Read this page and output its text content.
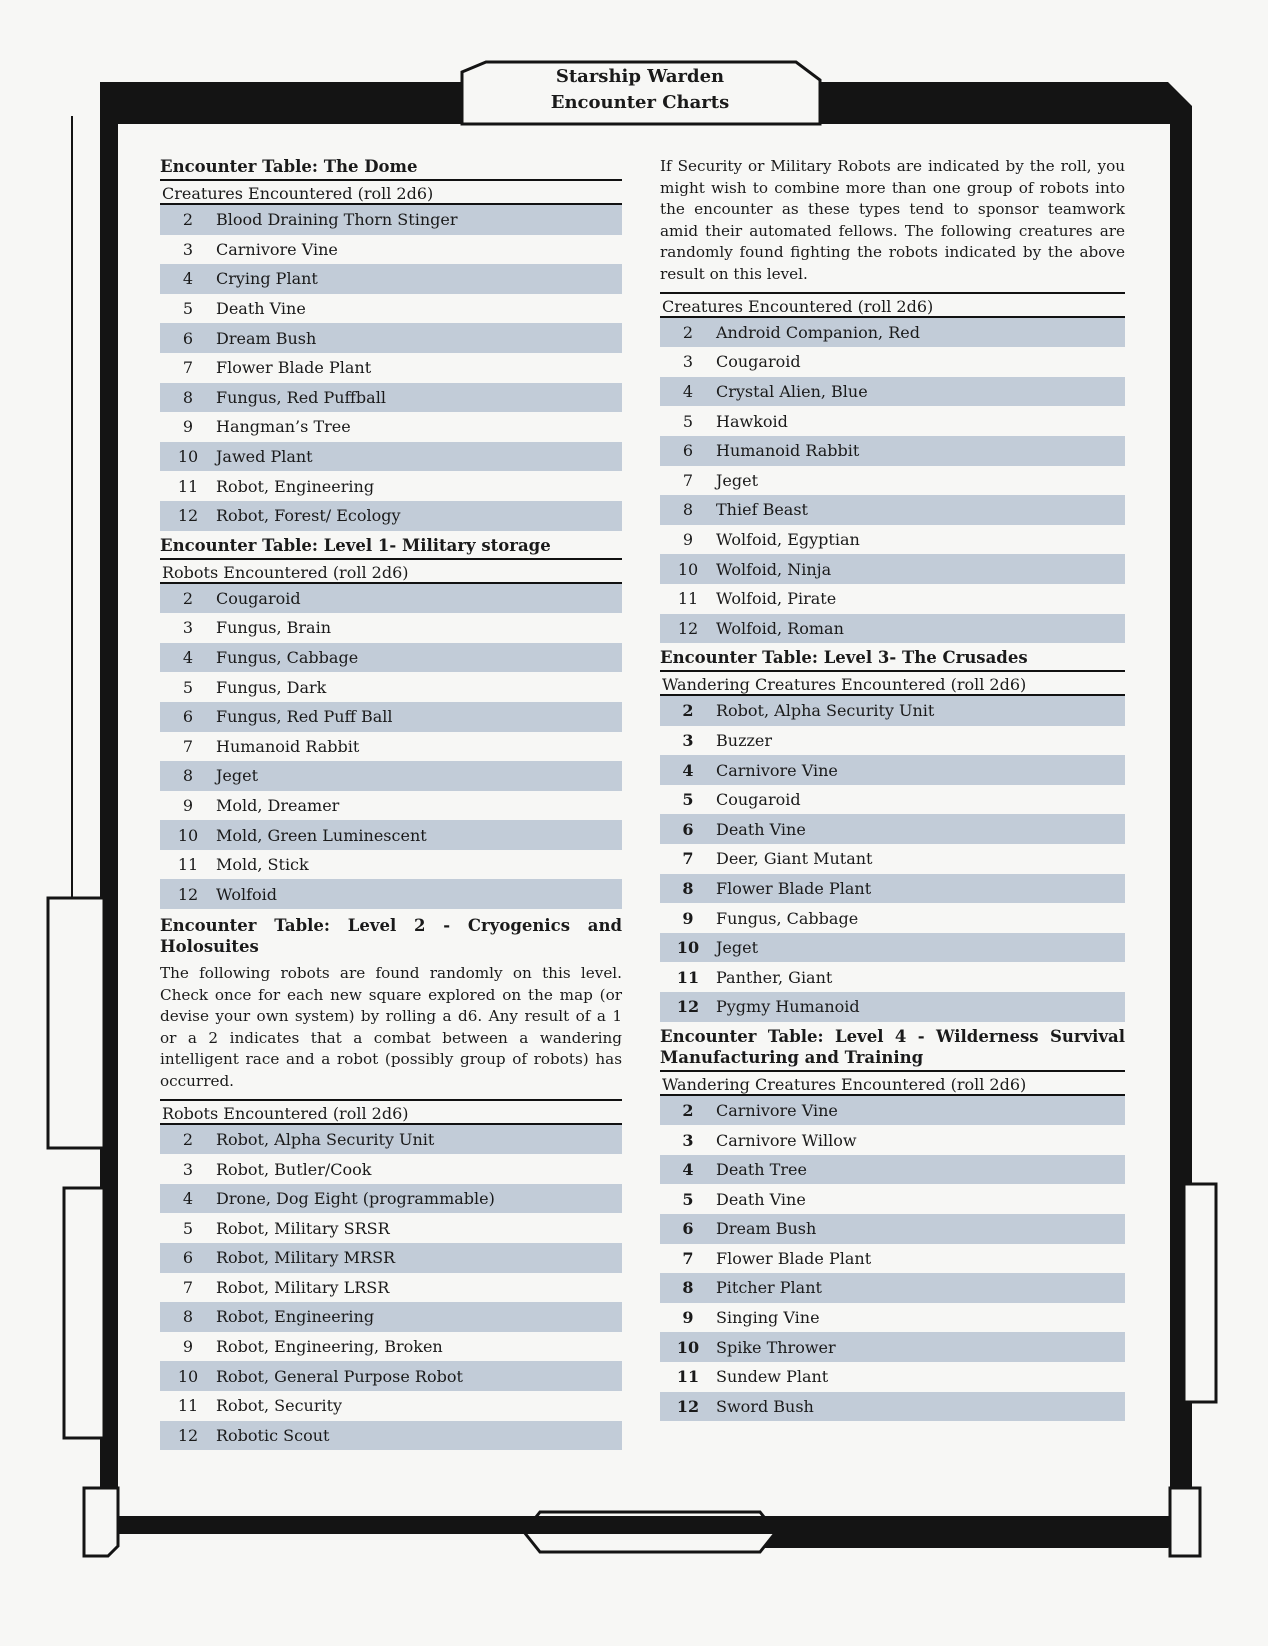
Starship Warden
Encounter Charts
Encounter Table: The Dome
Creatures Encountered (roll 2d6)
2	Blood Draining Thorn Stinger
3	Carnivore Vine
4	Crying Plant
5	Death Vine
6	Dream Bush
7	Flower Blade Plant
8	Fungus, Red Puffball
9	Hangman’s Tree
10	Jawed Plant
11	Robot, Engineering
12	Robot, Forest/ Ecology
Encounter Table: Level 1- Military storage
Robots Encountered (roll 2d6)
2	Cougaroid
3	Fungus, Brain
4	Fungus, Cabbage
5	Fungus, Dark
6	Fungus, Red Puff Ball
7	Humanoid Rabbit
8	Jeget
9	Mold, Dreamer
10	Mold, Green Luminescent
11	Mold, Stick
12	Wolfoid
Encounter Table: Level 2 - Cryogenics and Holosuites

The following robots are found randomly on this level. Check once for each new square explored on the map (or devise your own system) by rolling a d6. Any result of a 1 or a 2 indicates that a combat between a wandering intelligent race and a robot (possibly group of robots) has occurred.

Robots Encountered (roll 2d6)
2	Robot, Alpha Security Unit
3	Robot, Butler/Cook
4	Drone, Dog Eight (programmable)
5	Robot, Military SRSR
6	Robot, Military MRSR
7	Robot, Military LRSR
8	Robot, Engineering
9	Robot, Engineering, Broken
10	Robot, General Purpose Robot
11	Robot, Security
12	Robotic Scout

If Security or Military Robots are indicated by the roll, you might wish to combine more than one group of robots into the encounter as these types tend to sponsor teamwork amid their automated fellows. The following creatures are randomly found fighting the robots indicated by the above result on this level.

Creatures Encountered (roll 2d6)
2	Android Companion, Red
3	Cougaroid
4	Crystal Alien, Blue
5	Hawkoid
6	Humanoid Rabbit
7	Jeget
8	Thief Beast
9	Wolfoid, Egyptian
10	Wolfoid, Ninja
11	Wolfoid, Pirate
12	Wolfoid, Roman
Encounter Table: Level 3- The Crusades
Wandering Creatures Encountered (roll 2d6)
2	Robot, Alpha Security Unit
3	Buzzer
4	Carnivore Vine
5	Cougaroid
6	Death Vine
7	Deer, Giant Mutant
8	Flower Blade Plant
9	Fungus, Cabbage
10	Jeget
11	Panther, Giant
12	Pygmy Humanoid
Encounter Table: Level 4 - Wilderness Survival Manufacturing and Training
Wandering Creatures Encountered (roll 2d6)
2	Carnivore Vine
3	Carnivore Willow
4	Death Tree
5	Death Vine
6	Dream Bush
7	Flower Blade Plant
8	Pitcher Plant
9	Singing Vine
10	Spike Thrower
11	Sundew Plant
12	Sword Bush
